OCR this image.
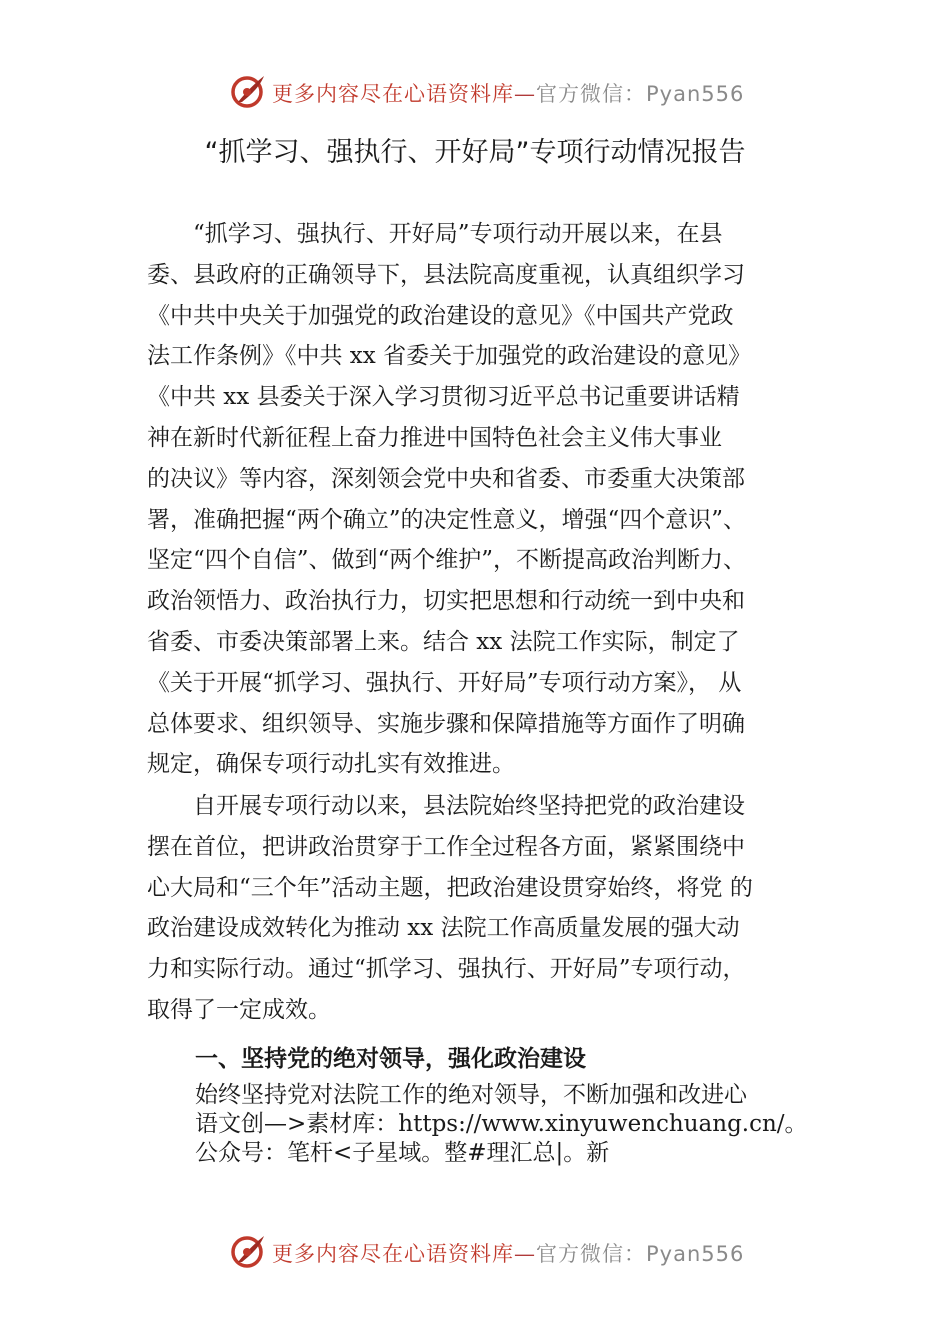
更多内容尽在心语资料库—官方微信：Pyan556
“抓学习、强执行、开好局”专项行动情况报告

“抓学习、强执行、开好局”专项行动开展以来，在县
委、县政府的正确领导下，县法院高度重视，认真组织学习
《中共中央关于加强党的政治建设的意见》《中国共产党政
法工作条例》《中共 xx 省委关于加强党的政治建设的意见》
《中共 xx 县委关于深入学习贯彻习近平总书记重要讲话精
神在新时代新征程上奋力推进中国特色社会主义伟大事业
的决议》等内容，深刻领会党中央和省委、市委重大决策部
署，准确把握“两个确立”的决定性意义，增强“四个意识”、
坚定“四个自信”、做到“两个维护”，不断提高政治判断力、
政治领悟力、政治执行力，切实把思想和行动统一到中央和
省委、市委决策部署上来。结合 xx 法院工作实际，制定了
《关于开展“抓学习、强执行、开好局”专项行动方案》， 从
总体要求、组织领导、实施步骤和保障措施等方面作了明确
规定，确保专项行动扎实有效推进。

自开展专项行动以来，县法院始终坚持把党的政治建设
摆在首位，把讲政治贯穿于工作全过程各方面，紧紧围绕中
心大局和“三个年”活动主题，把政治建设贯穿始终，将党 的
政治建设成效转化为推动 xx 法院工作高质量发展的强大动
力和实际行动。通过“抓学习、强执行、开好局”专项行动，
取得了一定成效。

一、坚持党的绝对领导，强化政治建设

始终坚持党对法院工作的绝对领导，不断加强和改进心
语文创—>素材库：https://www.xinyuwenchuang.cn/。
公众号：笔杆<子星域。整#理汇总|。新

更多内容尽在心语资料库—官方微信：Pyan556
